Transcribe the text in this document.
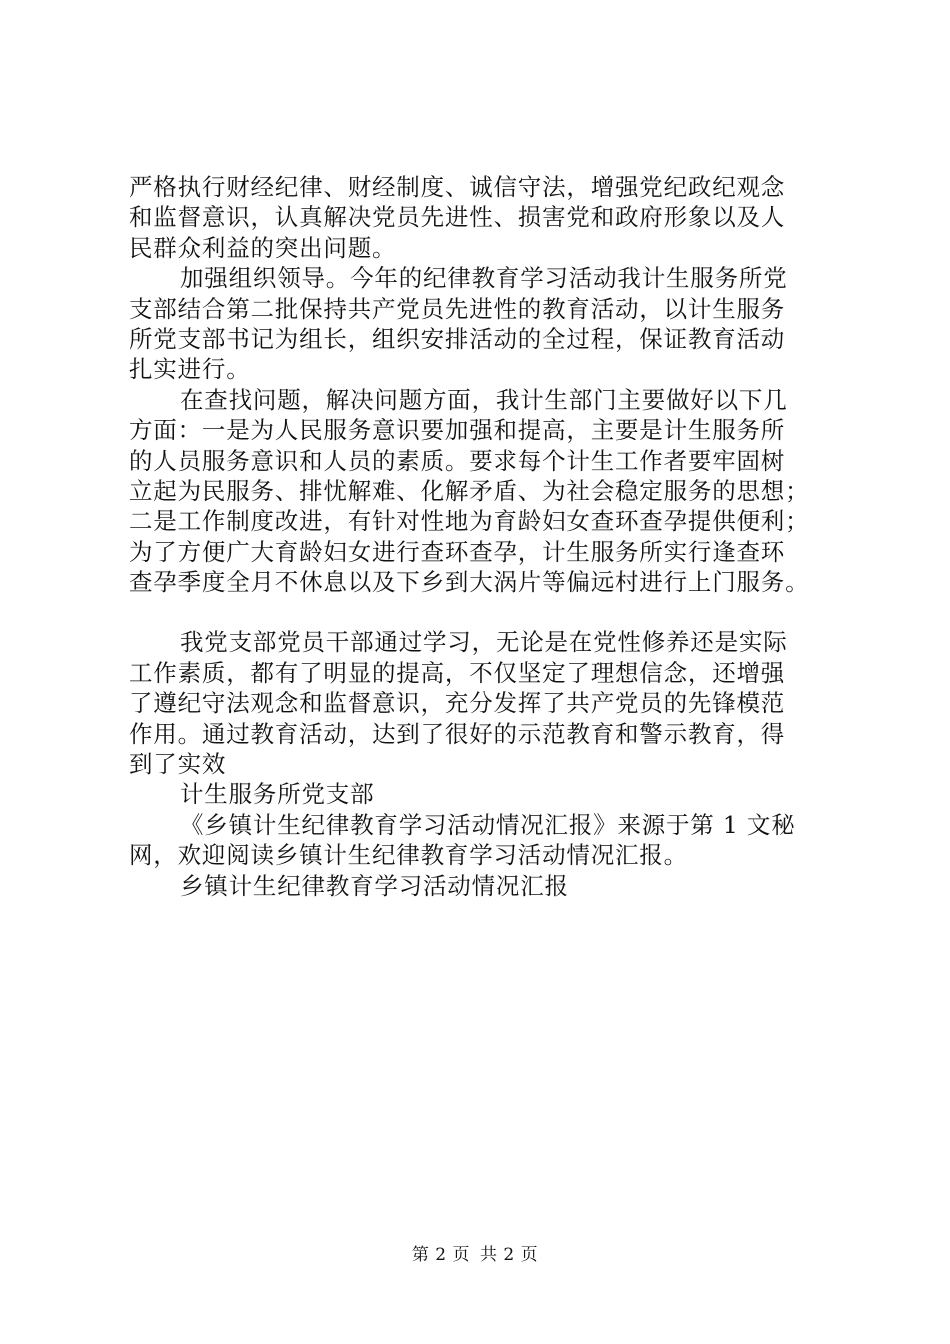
严格执行财经纪律、财经制度、诚信守法，增强党纪政纪观念
和监督意识，认真解决党员先进性、损害党和政府形象以及人
民群众利益的突出问题。
加强组织领导。今年的纪律教育学习活动我计生服务所党
支部结合第二批保持共产党员先进性的教育活动，以计生服务
所党支部书记为组长，组织安排活动的全过程，保证教育活动
扎实进行。
在查找问题，解决问题方面，我计生部门主要做好以下几
方面：一是为人民服务意识要加强和提高，主要是计生服务所
的人员服务意识和人员的素质。要求每个计生工作者要牢固树
立起为民服务、排忧解难、化解矛盾、为社会稳定服务的思想；
二是工作制度改进，有针对性地为育龄妇女查环查孕提供便利；
为了方便广大育龄妇女进行查环查孕，计生服务所实行逢查环
查孕季度全月不休息以及下乡到大涡片等偏远村进行上门服务。
我党支部党员干部通过学习，无论是在党性修养还是实际
工作素质，都有了明显的提高，不仅坚定了理想信念，还增强
了遵纪守法观念和监督意识，充分发挥了共产党员的先锋模范
作用。通过教育活动，达到了很好的示范教育和警示教育，得
到了实效
计生服务所党支部
《乡镇计生纪律教育学习活动情况汇报》来源于第 1 文秘
网，欢迎阅读乡镇计生纪律教育学习活动情况汇报。
乡镇计生纪律教育学习活动情况汇报
第 2 页 共 2 页
